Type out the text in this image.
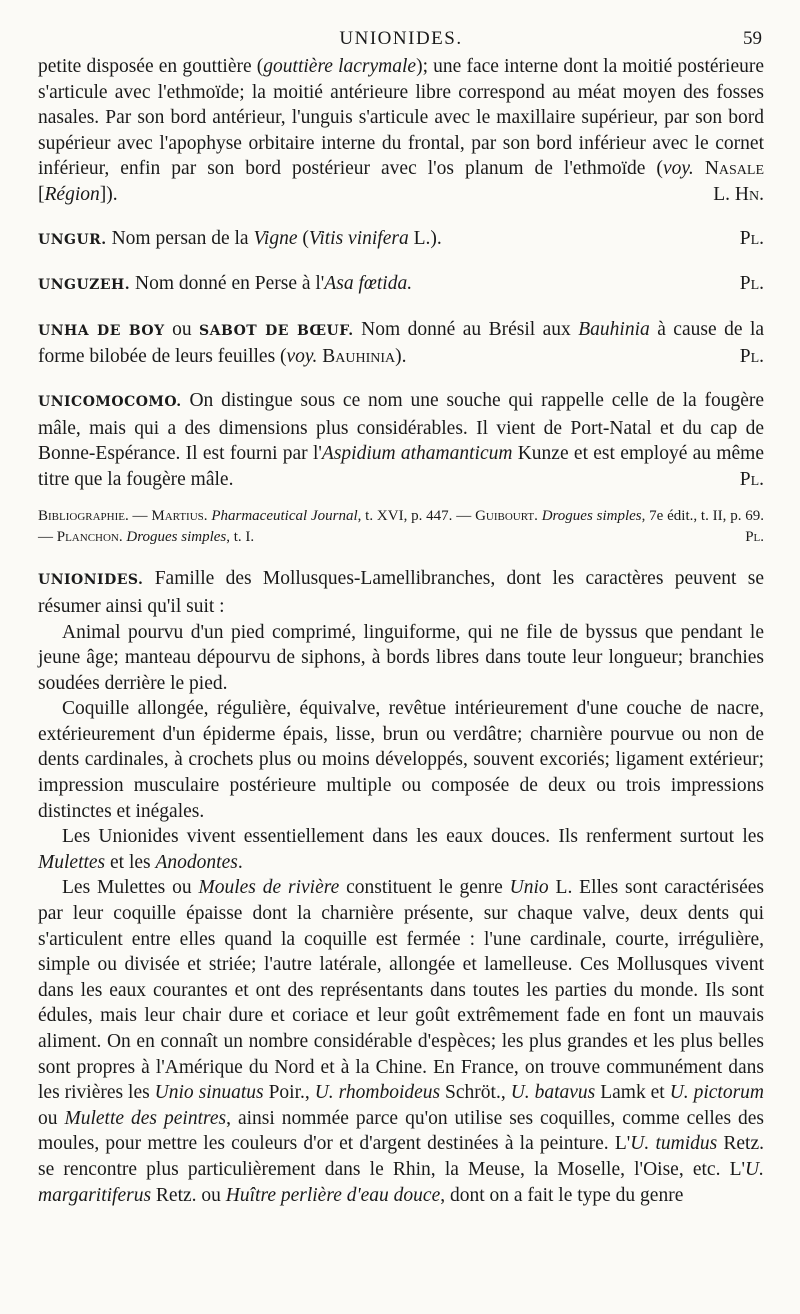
UNIONIDES.	59

petite disposée en gouttière (gouttière lacrymale); une face interne dont la moitié postérieure s'articule avec l'ethmoïde; la moitié antérieure libre correspond au méat moyen des fosses nasales. Par son bord antérieur, l'unguis s'articule avec le maxillaire supérieur, par son bord supérieur avec l'apophyse orbitaire interne du frontal, par son bord inférieur avec le cornet inférieur, enfin par son bord postérieur avec l'os planum de l'ethmoïde (voy. Nasale [Région]).	L. Hn.

UNGUR. Nom persan de la Vigne (Vitis vinifera L.).	Pl.

UNGUZEH. Nom donné en Perse à l'Asa fœtida.	Pl.

UNHA DE BOY ou SABOT DE BŒUF. Nom donné au Brésil aux Bauhinia à cause de la forme bilobée de leurs feuilles (voy. Bauhinia).	Pl.

UNICOMOCOMO. On distingue sous ce nom une souche qui rappelle celle de la fougère mâle, mais qui a des dimensions plus considérables. Il vient de Port-Natal et du cap de Bonne-Espérance. Il est fourni par l'Aspidium athamanticum Kunze et est employé au même titre que la fougère mâle.	Pl.

Bibliographie. — Martius. Pharmaceutical Journal, t. XVI, p. 447. — Guibourt. Drogues simples, 7e édit., t. II, p. 69. — Planchon. Drogues simples, t. I.	Pl.

UNIONIDES. Famille des Mollusques-Lamellibranches, dont les caractères peuvent se résumer ainsi qu'il suit :

Animal pourvu d'un pied comprimé, linguiforme, qui ne file de byssus que pendant le jeune âge; manteau dépourvu de siphons, à bords libres dans toute leur longueur; branchies soudées derrière le pied.

Coquille allongée, régulière, équivalve, revêtue intérieurement d'une couche de nacre, extérieurement d'un épiderme épais, lisse, brun ou verdâtre; charnière pourvue ou non de dents cardinales, à crochets plus ou moins développés, souvent excoriés; ligament extérieur; impression musculaire postérieure multiple ou composée de deux ou trois impressions distinctes et inégales.

Les Unionides vivent essentiellement dans les eaux douces. Ils renferment surtout les Mulettes et les Anodontes.

Les Mulettes ou Moules de rivière constituent le genre Unio L. Elles sont caractérisées par leur coquille épaisse dont la charnière présente, sur chaque valve, deux dents qui s'articulent entre elles quand la coquille est fermée : l'une cardinale, courte, irrégulière, simple ou divisée et striée; l'autre latérale, allongée et lamelleuse. Ces Mollusques vivent dans les eaux courantes et ont des représentants dans toutes les parties du monde. Ils sont édules, mais leur chair dure et coriace et leur goût extrêmement fade en font un mauvais aliment. On en connaît un nombre considérable d'espèces; les plus grandes et les plus belles sont propres à l'Amérique du Nord et à la Chine. En France, on trouve communément dans les rivières les Unio sinuatus Poir., U. rhomboideus Schröt., U. batavus Lamk et U. pictorum ou Mulette des peintres, ainsi nommée parce qu'on utilise ses coquilles, comme celles des moules, pour mettre les couleurs d'or et d'argent destinées à la peinture. L'U. tumidus Retz. se rencontre plus particulièrement dans le Rhin, la Meuse, la Moselle, l'Oise, etc. L'U. margaritiferus Retz. ou Huître perlière d'eau douce, dont on a fait le type du genre
